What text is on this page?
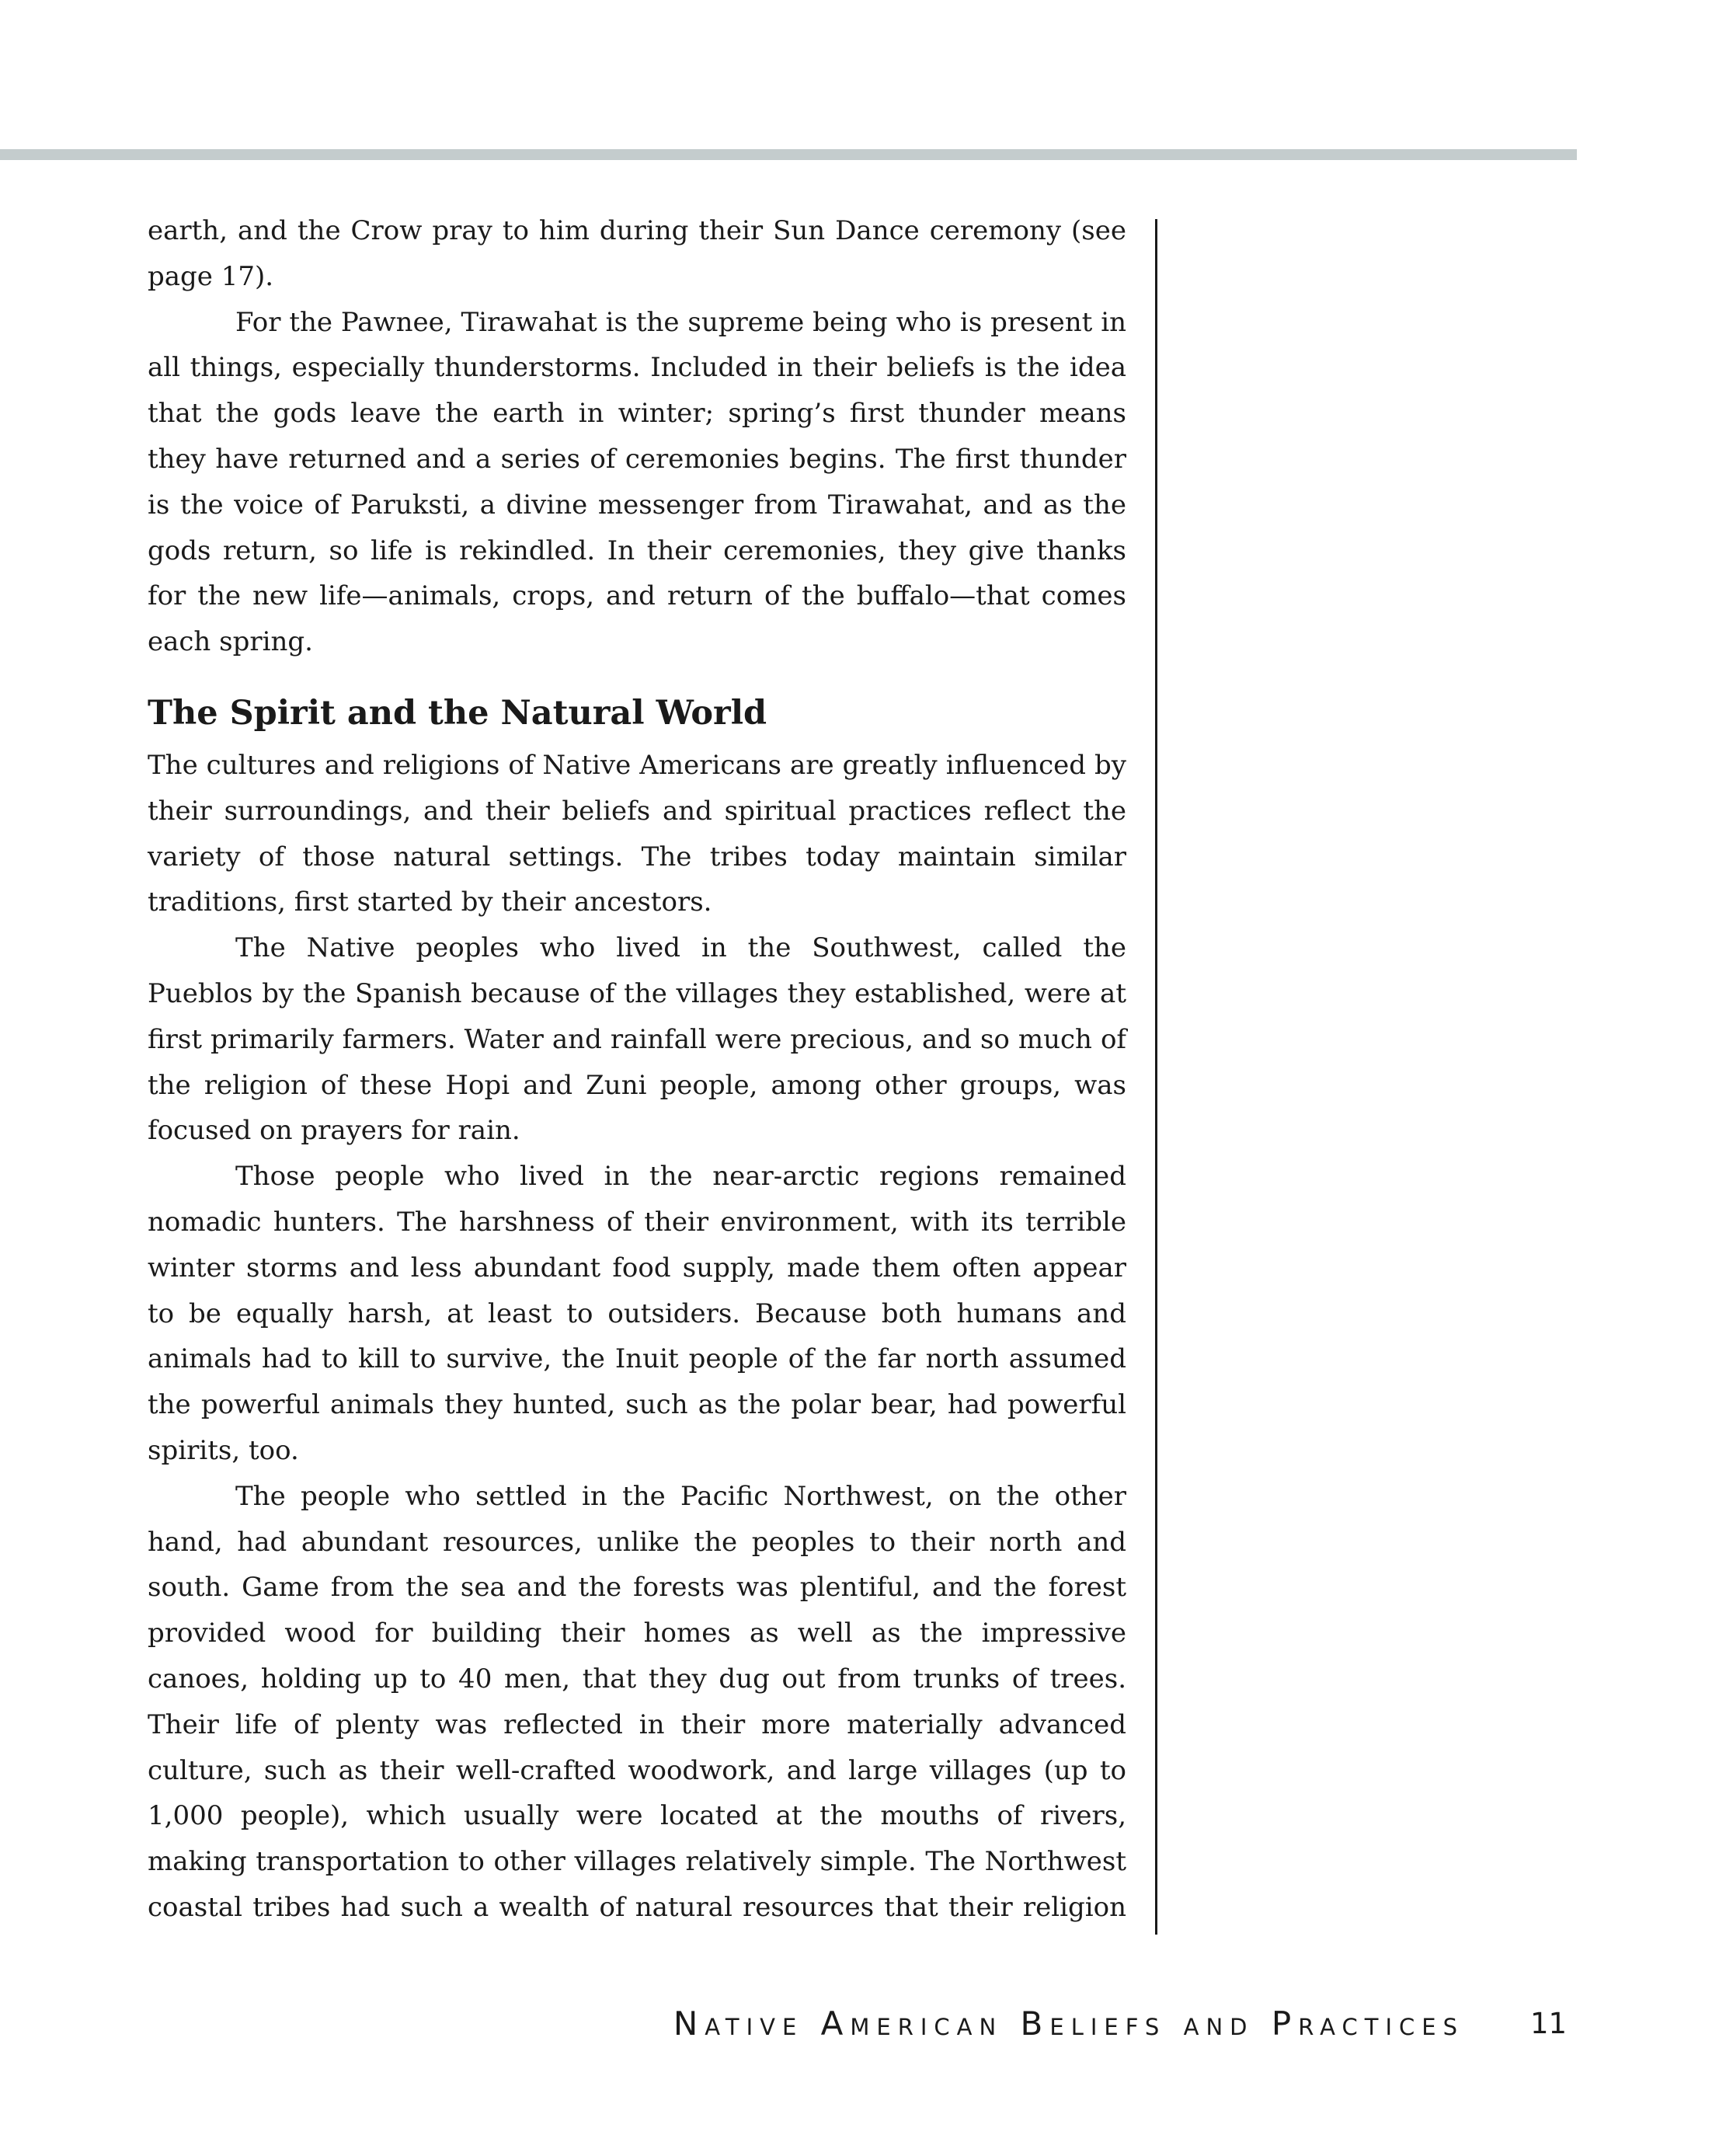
earth, and the Crow pray to him during their Sun Dance ceremony (see page 17).

For the Pawnee, Tirawahat is the supreme being who is present in all things, especially thunderstorms. Included in their beliefs is the idea that the gods leave the earth in winter; spring’s first thunder means they have returned and a series of ceremonies begins. The first thunder is the voice of Paruksti, a divine messenger from Tirawahat, and as the gods return, so life is rekindled. In their ceremonies, they give thanks for the new life—animals, crops, and return of the buffalo—that comes each spring.

The Spirit and the Natural World

The cultures and religions of Native Americans are greatly influenced by their surroundings, and their beliefs and spiritual practices reflect the variety of those natural settings. The tribes today maintain similar traditions, first started by their ancestors.

The Native peoples who lived in the Southwest, called the Pueblos by the Spanish because of the villages they established, were at first primarily farmers. Water and rainfall were precious, and so much of the religion of these Hopi and Zuni people, among other groups, was focused on prayers for rain.

Those people who lived in the near-arctic regions remained nomadic hunters. The harshness of their environment, with its terrible winter storms and less abundant food supply, made them often appear to be equally harsh, at least to outsiders. Because both humans and animals had to kill to survive, the Inuit people of the far north assumed the powerful animals they hunted, such as the polar bear, had powerful spirits, too.

The people who settled in the Pacific Northwest, on the other hand, had abundant resources, unlike the peoples to their north and south. Game from the sea and the forests was plentiful, and the forest provided wood for building their homes as well as the impressive canoes, holding up to 40 men, that they dug out from trunks of trees. Their life of plenty was reflected in their more materially advanced culture, such as their well-crafted woodwork, and large villages (up to 1,000 people), which usually were located at the mouths of rivers, making transportation to other villages relatively simple. The Northwest coastal tribes had such a wealth of natural resources that their religion

Native American Beliefs and Practices 11
